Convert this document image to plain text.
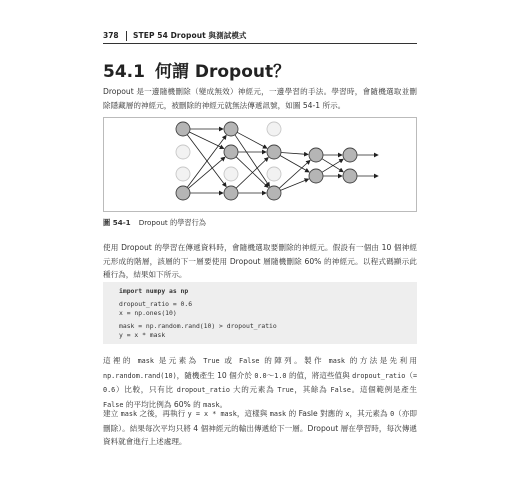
378 STEP 54 Dropout 與測試模式
54.1 何謂 Dropout？
Dropout 是一邊隨機刪除（變成無效）神經元，一邊學習的手法。學習時，會隨機選取並刪除隱藏層的神經元，被刪除的神經元就無法傳遞訊號，如圖 54-1 所示。
圖 54-1 Dropout 的學習行為
使用 Dropout 的學習在傳遞資料時，會隨機選取要刪除的神經元。假設有一個由 10 個神經元形成的階層，該層的下一層要使用 Dropout 層隨機刪除 60% 的神經元。以程式碼顯示此種行為，結果如下所示。
import numpy as np
dropout_ratio = 0.6
x = np.ones(10)
mask = np.random.rand(10) > dropout_ratio
y = x * mask
這裡的 mask 是元素為 True 或 False 的陣列。製作 mask 的方法是先利用 np.random.rand(10)，隨機產生 10 個介於 0.0～1.0 的值，將這些值與 dropout_ratio（= 0.6）比較，只有比 dropout_ratio 大的元素為 True，其餘為 False。這個範例是產生 False 的平均比例為 60% 的 mask。
建立 mask 之後，再執行 y = x * mask，這樣與 mask 的 Fasle 對應的 x，其元素為 0（亦即刪除）。結果每次平均只將 4 個神經元的輸出傳遞給下一層。Dropout 層在學習時，每次傳遞資料就會進行上述處理。
